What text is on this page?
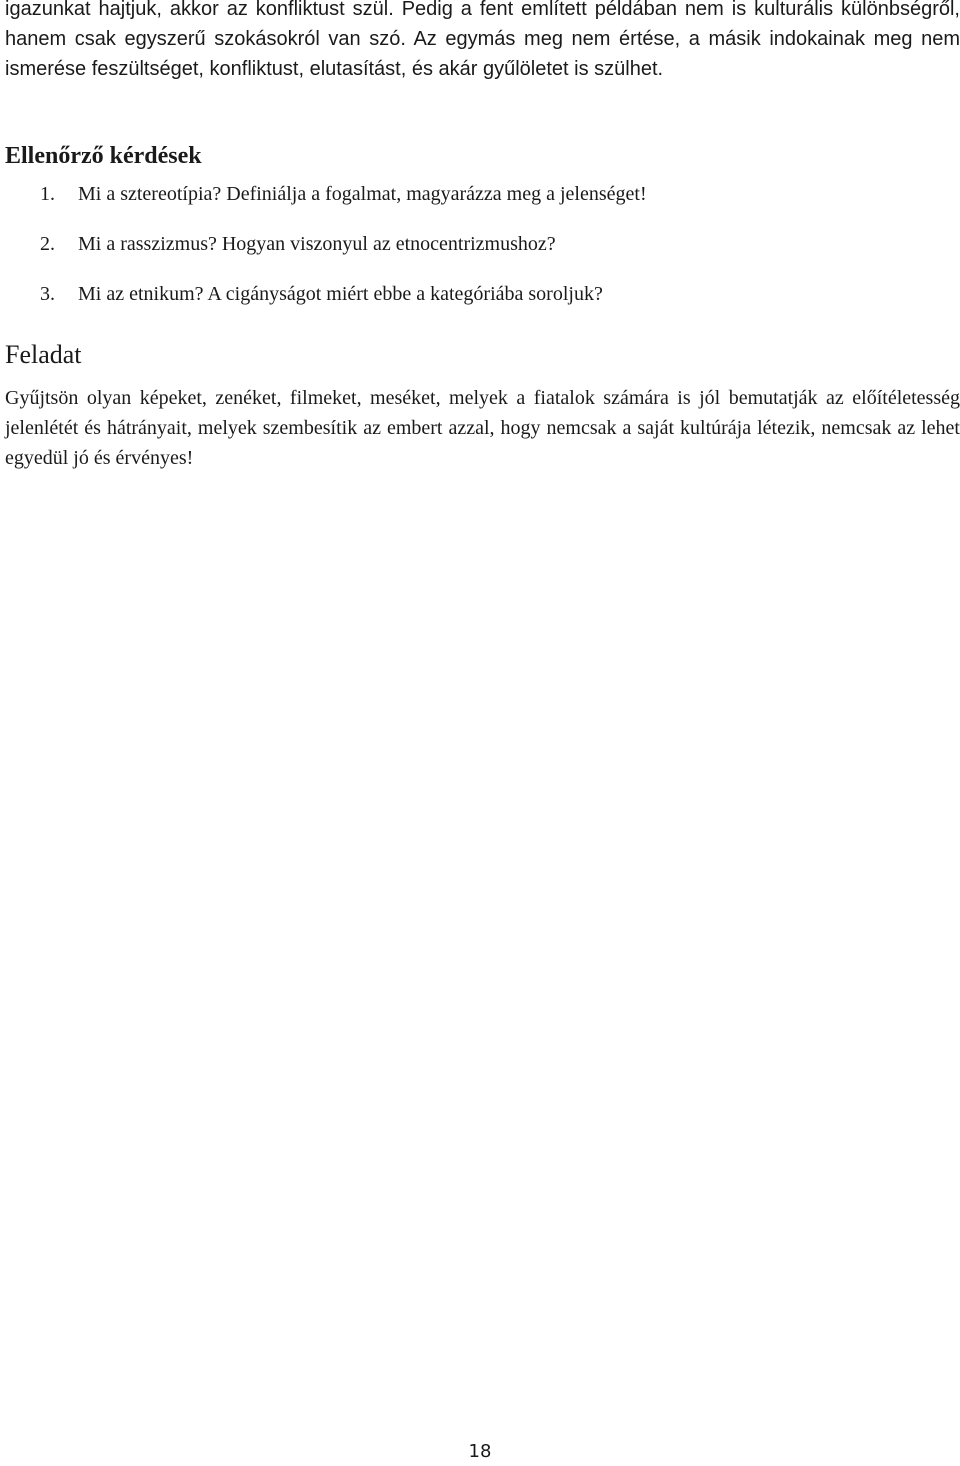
igazunkat hajtjuk, akkor az konfliktust szül. Pedig a fent említett példában nem is kulturális különbségről, hanem csak egyszerű szokásokról van szó. Az egymás meg nem értése, a másik indokainak meg nem ismerése feszültséget, konfliktust, elutasítást, és akár gyűlöletet is szülhet.

Ellenőrző kérdések
1. Mi a sztereotípia? Definiálja a fogalmat, magyarázza meg a jelenséget!
2. Mi a rasszizmus? Hogyan viszonyul az etnocentrizmushoz?
3. Mi az etnikum? A cigányságot miért ebbe a kategóriába soroljuk?
Feladat

Gyűjtsön olyan képeket, zenéket, filmeket, meséket, melyek a fiatalok számára is jól bemutatják az előítéletesség jelenlétét és hátrányait, melyek szembesítik az embert azzal, hogy nemcsak a saját kultúrája létezik, nemcsak az lehet egyedül jó és érvényes!

18
